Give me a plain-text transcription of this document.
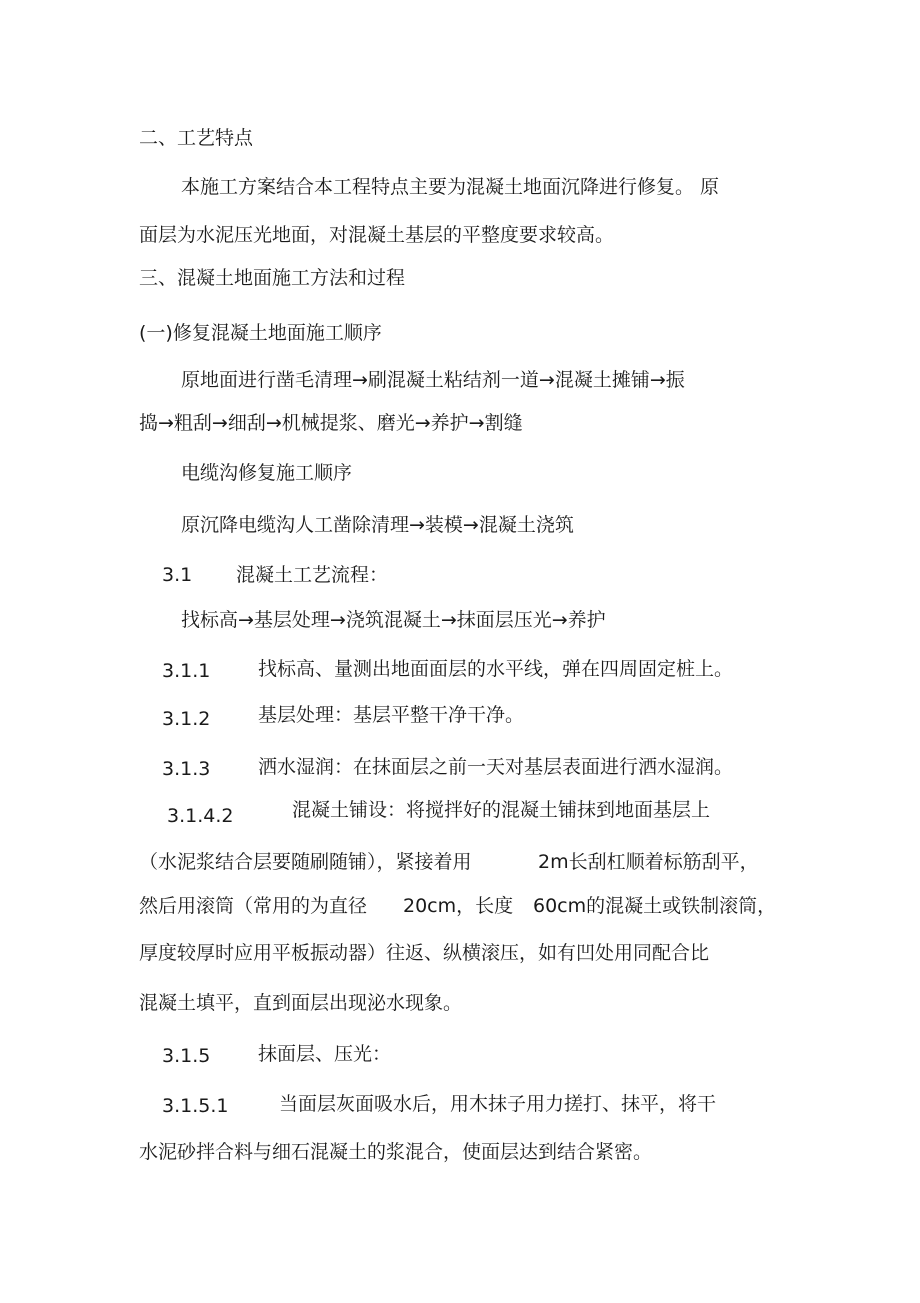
二、工艺特点
本施工方案结合本工程特点主要为混凝土地面沉降进行修复。 原
面层为水泥压光地面，对混凝土基层的平整度要求较高。
三、混凝土地面施工方法和过程
(一)修复混凝土地面施工顺序
原地面进行凿毛清理→刷混凝土粘结剂一道→混凝土摊铺→振
捣→粗刮→细刮→机械提浆、磨光→养护→割缝
电缆沟修复施工顺序
原沉降电缆沟人工凿除清理→装模→混凝土浇筑
3.1 混凝土工艺流程：
找标高→基层处理→浇筑混凝土→抹面层压光→养护
3.1.1	找标高、量测出地面面层的水平线，弹在四周固定桩上。
3.1.2	基层处理：基层平整干净干净。
3.1.3	洒水湿润：在抹面层之前一天对基层表面进行洒水湿润。
3.1.4.2	混凝土铺设：将搅拌好的混凝土铺抹到地面基层上
（水泥浆结合层要随刷随铺），紧接着用	2m长刮杠顺着标筋刮平，
然后用滚筒（常用的为直径 20cm，长度 60cm的混凝土或铁制滚筒，
厚度较厚时应用平板振动器）往返、纵横滚压，如有凹处用同配合比
混凝土填平，直到面层出现泌水现象。
3.1.5	抹面层、压光：
3.1.5.1	当面层灰面吸水后，用木抹子用力搓打、抹平，将干
水泥砂拌合料与细石混凝土的浆混合，使面层达到结合紧密。
